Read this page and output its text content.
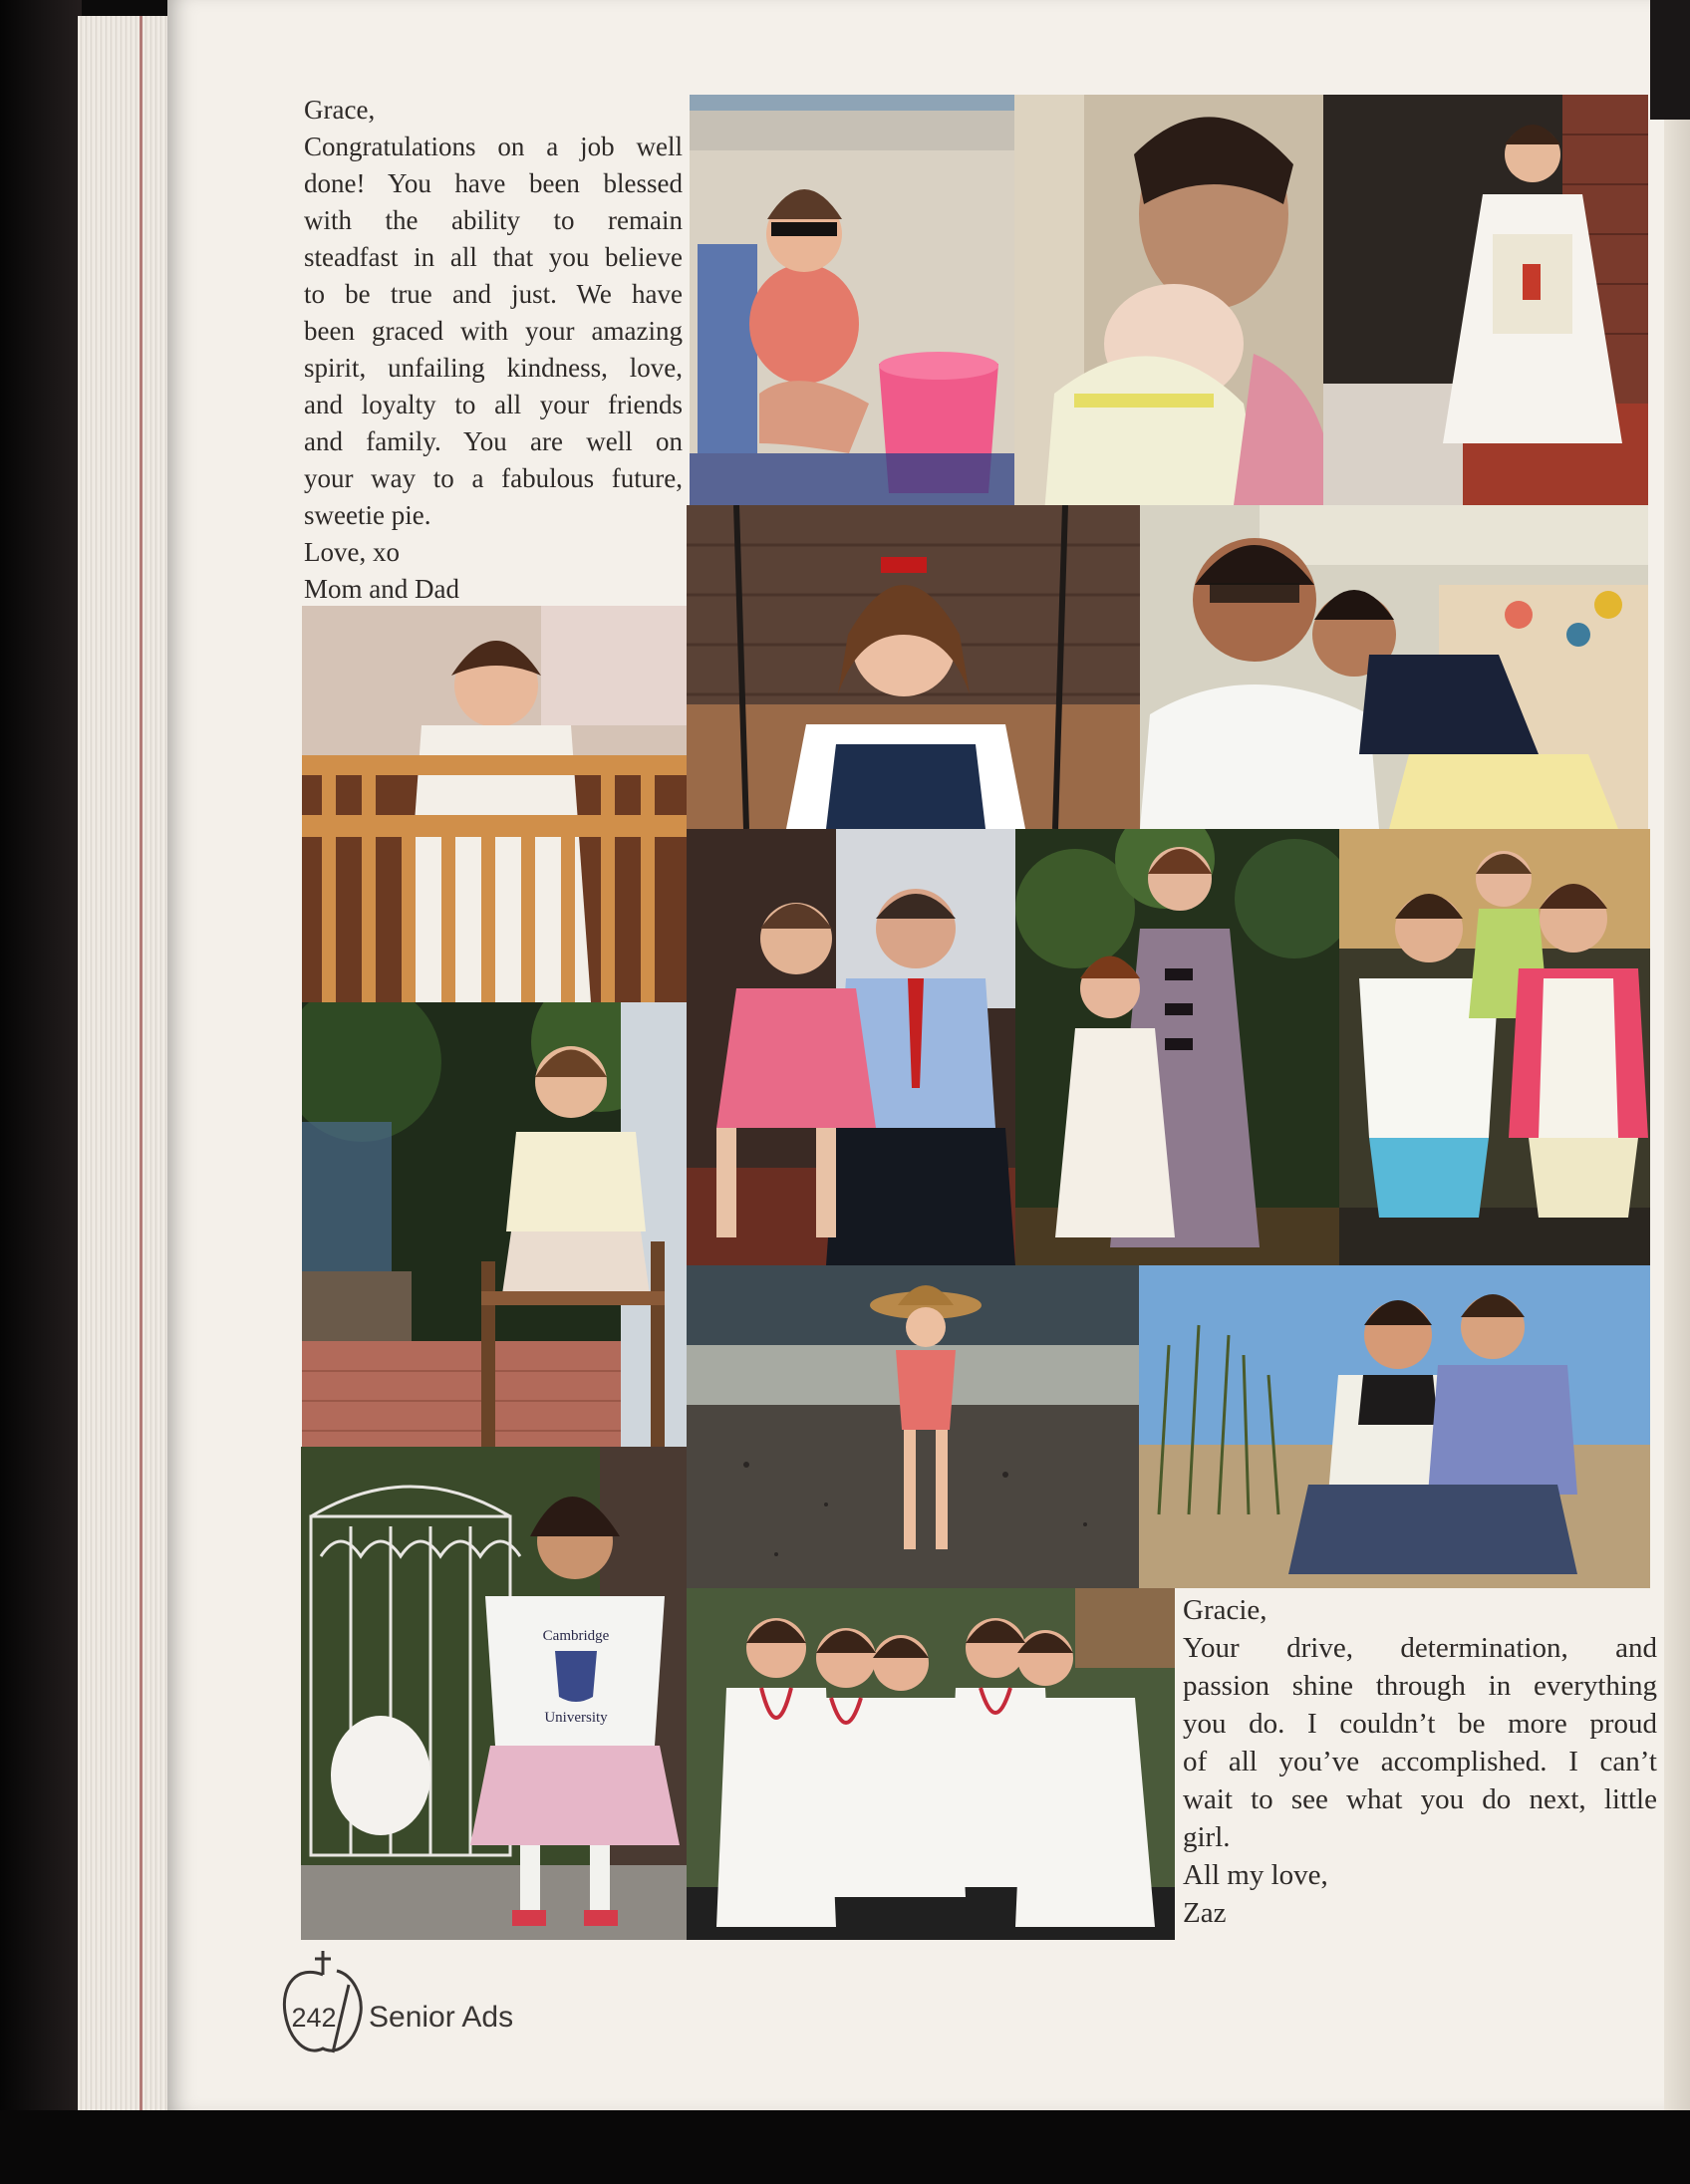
Grace,
Congratulations on a job well
done! You have been blessed
with the ability to remain
steadfast in all that you believe
to be true and just. We have
been graced with your amazing
spirit, unfailing kindness, love,
and loyalty to all your friends
and family. You are well on
your way to a fabulous future,
sweetie pie.
Love, xo
Mom and Dad
Cambridge
University
Gracie,
Your drive, determination, and
passion shine through in everything
you do. I couldn’t be more proud
of all you’ve accomplished. I can’t
wait to see what you do next, little
girl.
All my love,
Zaz
242 Senior Ads
